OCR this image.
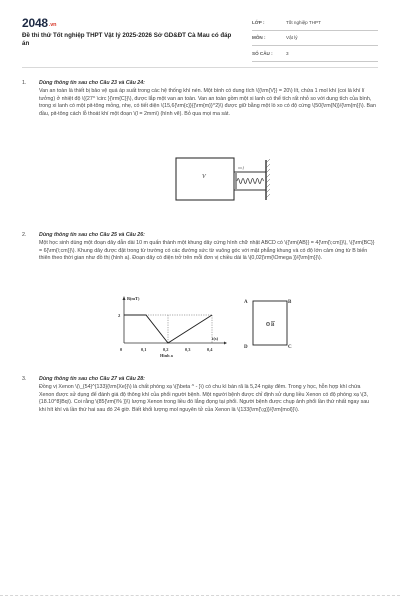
2048.vn
Đề thi thử Tốt nghiệp THPT Vật lý 2025-2026 Sở GD&ĐT Cà Mau có đáp án
LỚP :	Tốt nghiệp THPT
MÔN :	Vật lý
SỐ CÂU :	3
1. Dùng thông tin sau cho Câu 23 và Câu 24:

Van an toàn là thiết bị bảo vệ quá áp suất trong các hệ thống khí nén. Một bình có dung tích \({\rm{V}} = 20\) lít, chứa 1 mol khí (coi là khí lí tưởng) ở nhiệt độ \({27^ \circ }{\rm{C}}\), được lắp một van an toàn. Van an toàn gồm một xi lanh có thể tích rất nhỏ so với dung tích của bình, trong xi lanh có một pit-tông mỏng, nhẹ, có tiết diện \(15,6{\rm{c}}{{\rm{m}}^2}\) được giữ bằng một lò xo có độ cứng \(50{\rm{N}}/{\rm{m}}\). Ban đầu, pit-tông cách lỗ thoát khí một đoạn \(l = 2mm\) (hình vẽ). Bỏ qua mọi ma sát.

V
l
2. Dùng thông tin sau cho Câu 25 và Câu 26:

Một học sinh dùng một đoạn dây dẫn dài 10 m quấn thành một khung dây cứng hình chữ nhật ABCD có \({\rm{AB}} = 4{\rm{\;cm}}\), \({\rm{BC}} = 6{\rm{\;cm}}\). Khung dây được đặt trong từ trường có các đường sức từ vuông góc với mặt phẳng khung và có độ lớn cảm ứng từ B biến thiên theo thời gian như đồ thị (hình a). Đoạn dây có điện trở trên mỗi đơn vị chiều dài là \(0,02{\rm{\Omega }}/{\rm{m}}\).

B(mT)
t(s)
2
0	0,1	0,2	0,3	0,4
Hình a
A	B
D	C
B
3. Dùng thông tin sau cho Câu 27 và Câu 28:

Đồng vị Xenon \(\_{54}^{133}{\rm{Xe}}\) là chất phóng xạ \({\beta ^ - }\) có chu kì bán rã là 5,24 ngày đêm. Trong y học, hỗn hợp khí chứa Xenon được sử dụng để đánh giá độ thông khí của phổi người bệnh. Một người bệnh được chỉ định sử dụng liều Xenon có độ phóng xạ \(3,{18.10^8}Bq\). Coi rằng \(85{\rm{\% }}\) lượng Xenon trong liều đó lắng đọng tại phổi. Người bệnh được chụp ảnh phổi lần thứ nhất ngay sau khi hít khí và lần thứ hai sau đó 24 giờ. Biết khối lượng mol nguyên tử của Xenon là \(133{\rm{\;g}}/{\rm{mol}}\).
